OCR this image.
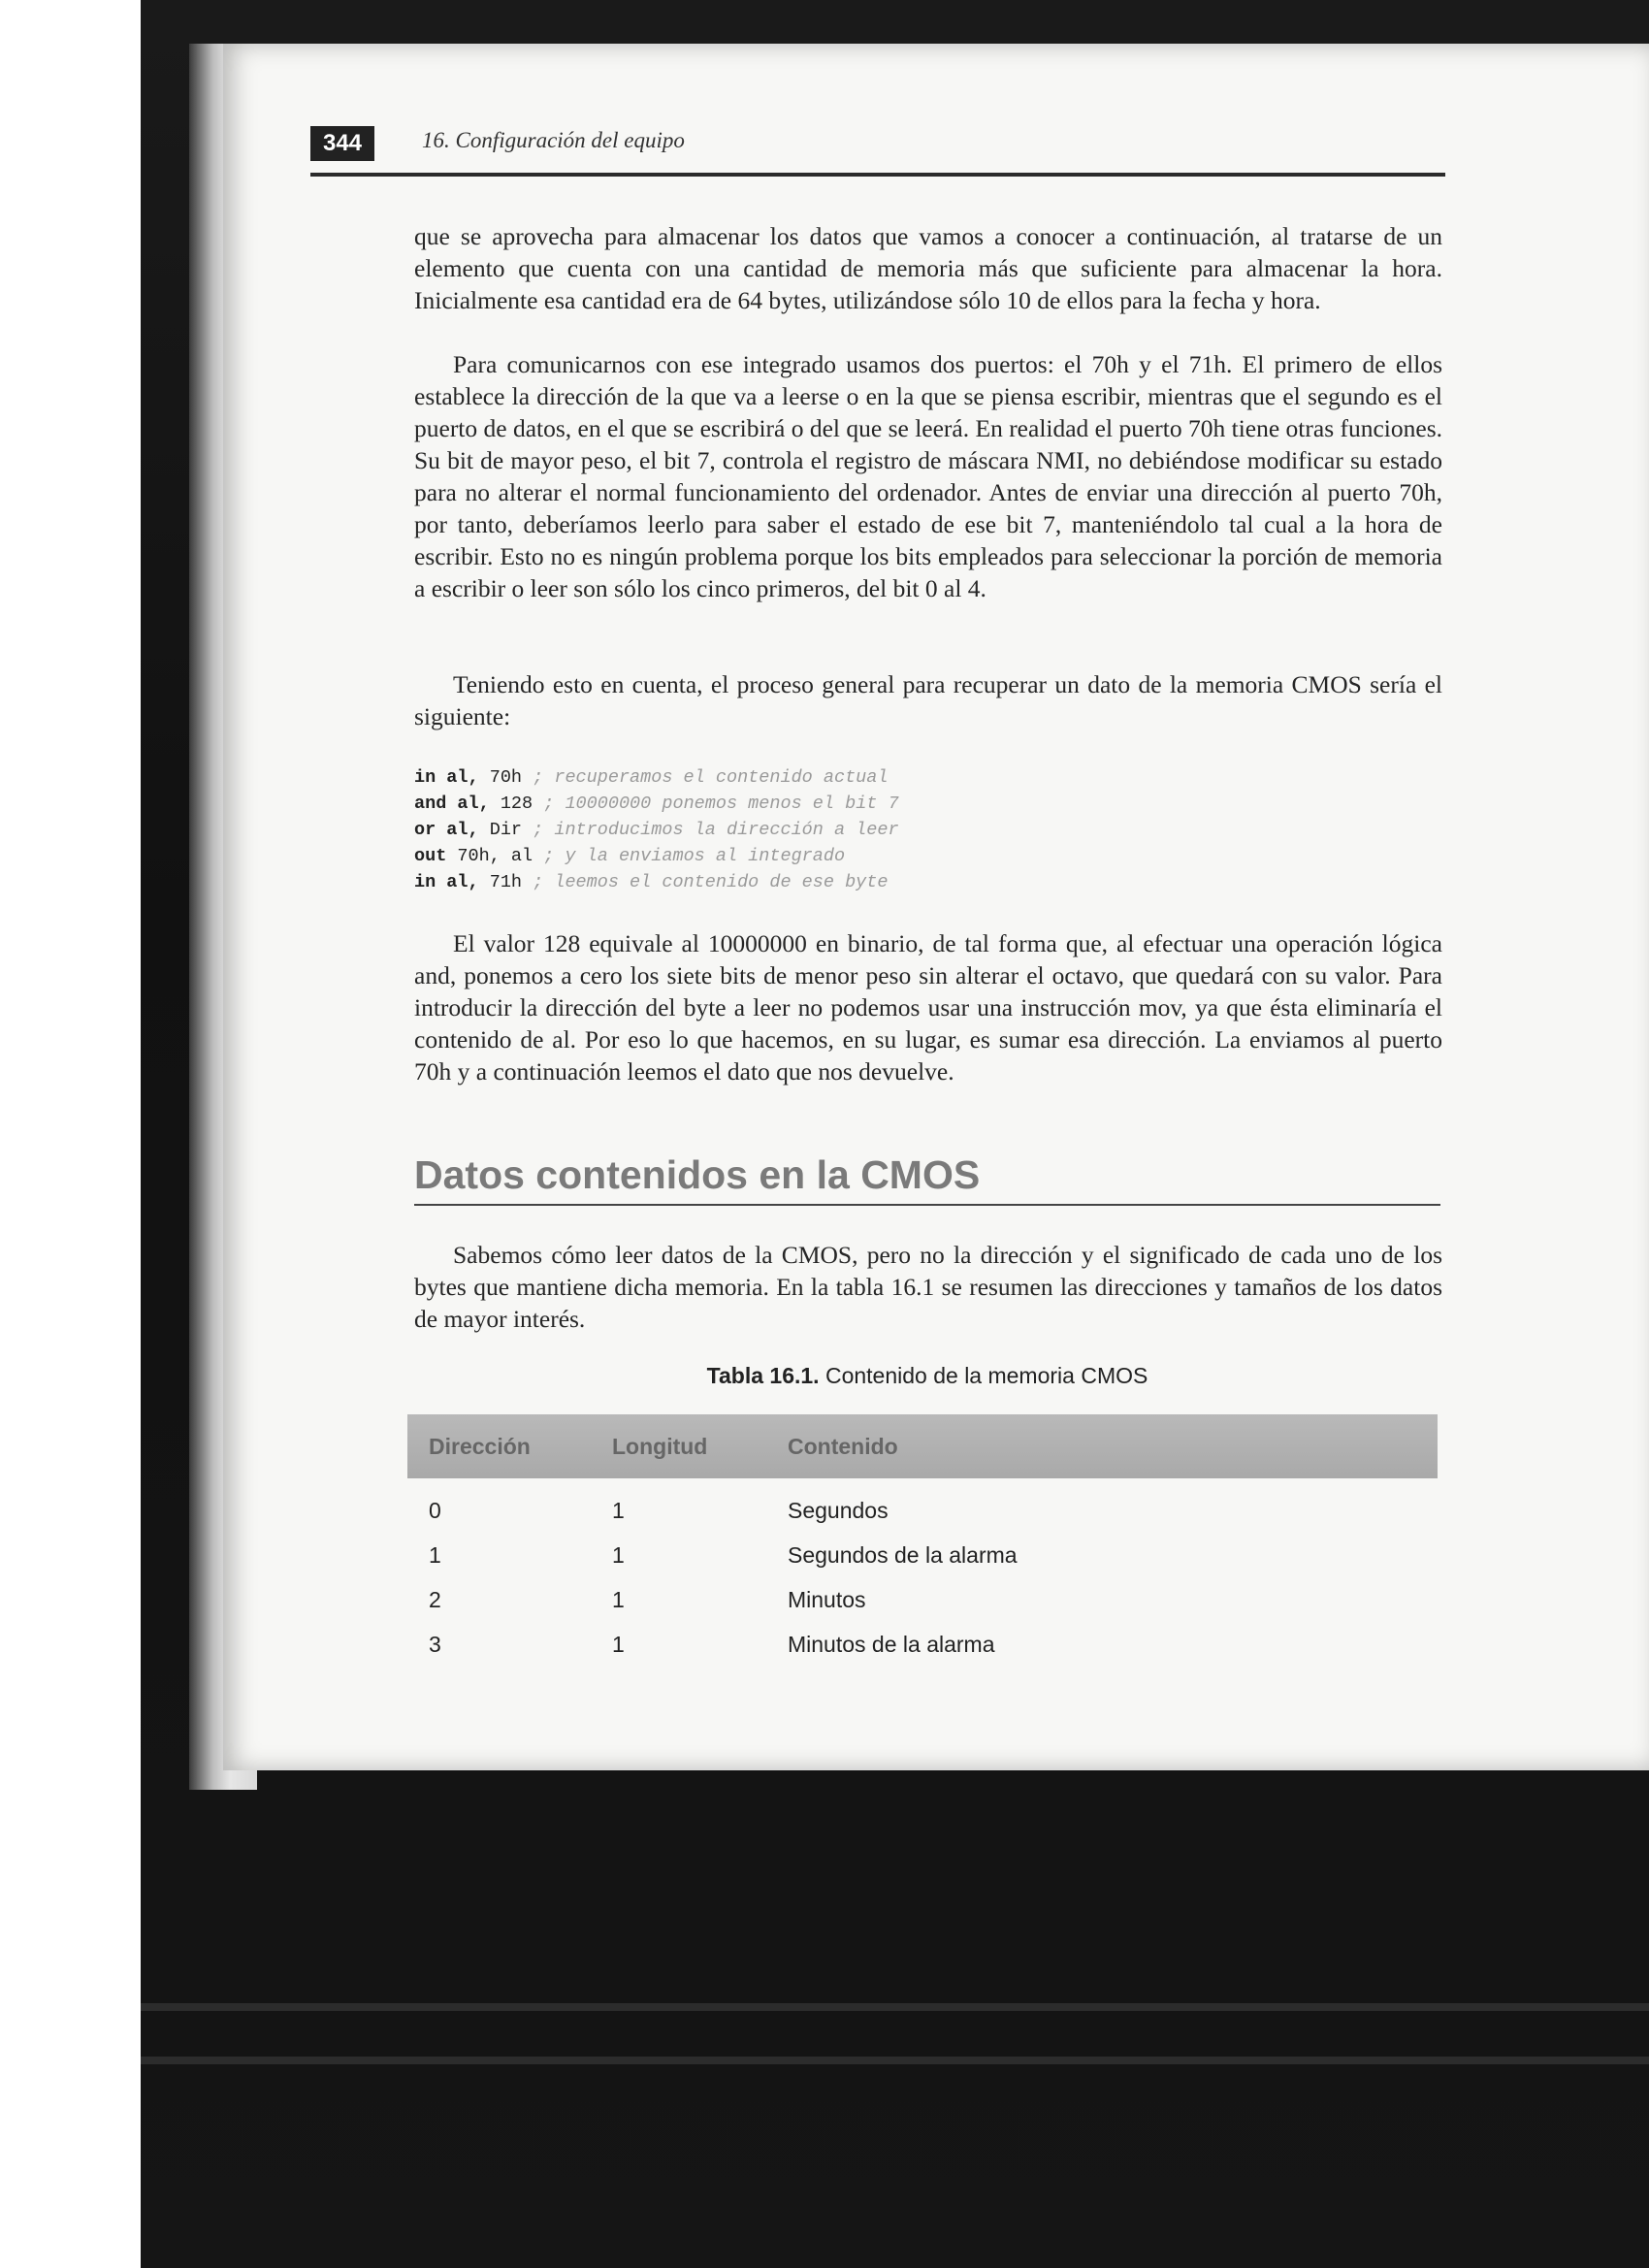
344	16. Configuración del equipo

que se aprovecha para almacenar los datos que vamos a conocer a continuación, al tratarse de un elemento que cuenta con una cantidad de memoria más que suficiente para almacenar la hora. Inicialmente esa cantidad era de 64 bytes, utilizándose sólo 10 de ellos para la fecha y hora.

Para comunicarnos con ese integrado usamos dos puertos: el 70h y el 71h. El primero de ellos establece la dirección de la que va a leerse o en la que se piensa escribir, mientras que el segundo es el puerto de datos, en el que se escribirá o del que se leerá. En realidad el puerto 70h tiene otras funciones. Su bit de mayor peso, el bit 7, controla el registro de máscara NMI, no debiéndose modificar su estado para no alterar el normal funcionamiento del ordenador. Antes de enviar una dirección al puerto 70h, por tanto, deberíamos leerlo para saber el estado de ese bit 7, manteniéndolo tal cual a la hora de escribir. Esto no es ningún problema porque los bits empleados para seleccionar la porción de memoria a escribir o leer son sólo los cinco primeros, del bit 0 al 4.

Teniendo esto en cuenta, el proceso general para recuperar un dato de la memoria CMOS sería el siguiente:

in al, 70h ; recuperamos el contenido actual
and al, 128 ; 10000000 ponemos menos el bit 7
or al, Dir ; introducimos la dirección a leer
out 70h, al ; y la enviamos al integrado
in al, 71h ; leemos el contenido de ese byte

El valor 128 equivale al 10000000 en binario, de tal forma que, al efectuar una operación lógica and, ponemos a cero los siete bits de menor peso sin alterar el octavo, que quedará con su valor. Para introducir la dirección del byte a leer no podemos usar una instrucción mov, ya que ésta eliminaría el contenido de al. Por eso lo que hacemos, en su lugar, es sumar esa dirección. La enviamos al puerto 70h y a continuación leemos el dato que nos devuelve.

Datos contenidos en la CMOS

Sabemos cómo leer datos de la CMOS, pero no la dirección y el significado de cada uno de los bytes que mantiene dicha memoria. En la tabla 16.1 se resumen las direcciones y tamaños de los datos de mayor interés.

Tabla 16.1. Contenido de la memoria CMOS
Dirección	Longitud	Contenido
0	1	Segundos
1	1	Segundos de la alarma
2	1	Minutos
3	1	Minutos de la alarma
